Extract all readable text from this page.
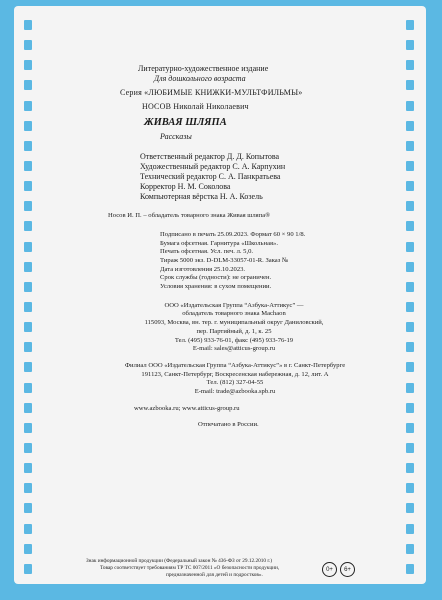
Литературно-художественное издание
Для дошкольного возраста
Серия «ЛЮБИМЫЕ КНИЖКИ-МУЛЬТФИЛЬМЫ»
НОСОВ Николай Николаевич
ЖИВАЯ ШЛЯПА
Рассказы
Ответственный редактор Д. Д. Копытова
Художественный редактор С. А. Карпухин
Технический редактор С. А. Панкратьева
Корректор Н. М. Соколова
Компьютерная вёрстка Н. А. Козель
Носов И. П. – обладатель товарного знака Живая шляпа®
Подписано в печать 25.09.2023. Формат 60 × 90 1/8.
Бумага офсетная. Гарнитура «Школьная».
Печать офсетная. Усл. печ. л. 5,0.
Тираж 5000 экз. D-DLM-33057-01-R. Заказ №
Дата изготовления 25.10.2023.
Срок службы (годности): не ограничен.
Условия хранения: в сухом помещении.
ООО «Издательская Группа “Азбука-Аттикус” —
обладатель товарного знака Machaon
115093, Москва, вн. тер. г. муниципальный округ Даниловский,
пер. Партийный, д. 1, к. 25
Тел. (495) 933-76-01, факс (495) 933-76-19
E-mail: sales@atticus-group.ru
Филиал ООО «Издательская Группа “Азбука-Аттикус”» в г. Санкт-Петербурге
191123, Санкт-Петербург, Воскресенская набережная, д. 12, лит. А
Тел. (812) 327-04-55
E-mail: trade@azbooka.spb.ru
www.azbooka.ru; www.atticus-group.ru
Отпечатано в России.
Знак информационной продукции (Федеральный закон № 436-ФЗ от 29.12.2010 г.)
Товар соответствует требованиям ТР ТС 007/2011 «О безопасности продукции,
предназначенной для детей и подростков».
0+	6+
